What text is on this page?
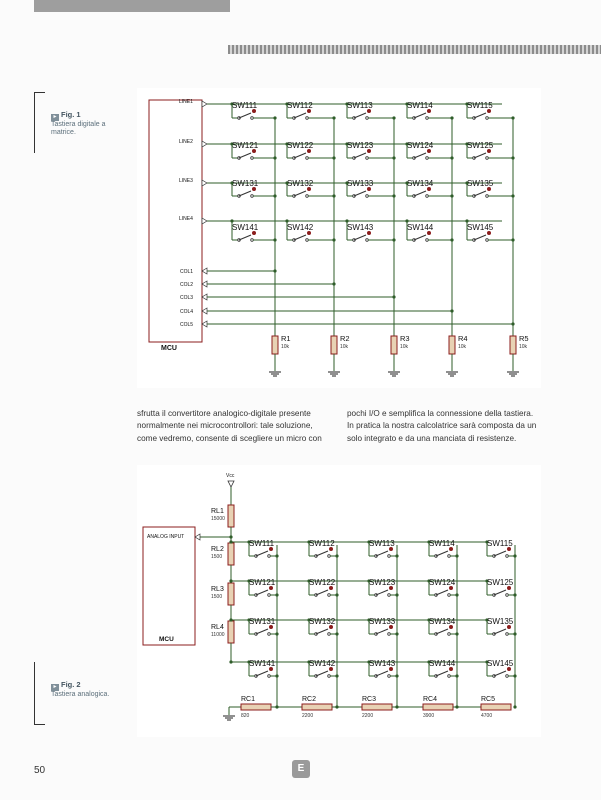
▸ Fig. 1
Tastiera digitale a matrice.
MCU
LINE1	SW111	SW112	SW113	SW114	SW115
LINE2	SW121	SW122	SW123	SW124	SW125
LINE3	SW131	SW132	SW133	SW134	SW135
LINE4
SW141	SW142	SW143	SW144	SW145
COL1
COL2
COL3
COL4
COL5
R1
10k
R2
10k
R3
10k
R4
10k
R5
10k
sfrutta il convertitore analogico-digitale presente normalmente nei microcontrollori: tale soluzione, come vedremo, consente di scegliere un micro con
pochi I/O e semplifica la connessione della tastiera. In pratica la nostra calcolatrice sarà composta da un solo integrato e da una manciata di resistenze.
▸ Fig. 2
Tastiera analogica.
ANALOG INPUT
MCU
Vcc
RL1
15000
RL2
1500
RL3
1500
RL4
11000
SW111	SW112	SW113	SW114	SW115
SW121	SW122	SW123	SW124	SW125
SW131	SW132	SW133	SW134	SW135
SW141	SW142	SW143	SW144	SW145
RC1
820
RC2
2200
RC3
2200
RC4
3900
RC5
4700
50	E
